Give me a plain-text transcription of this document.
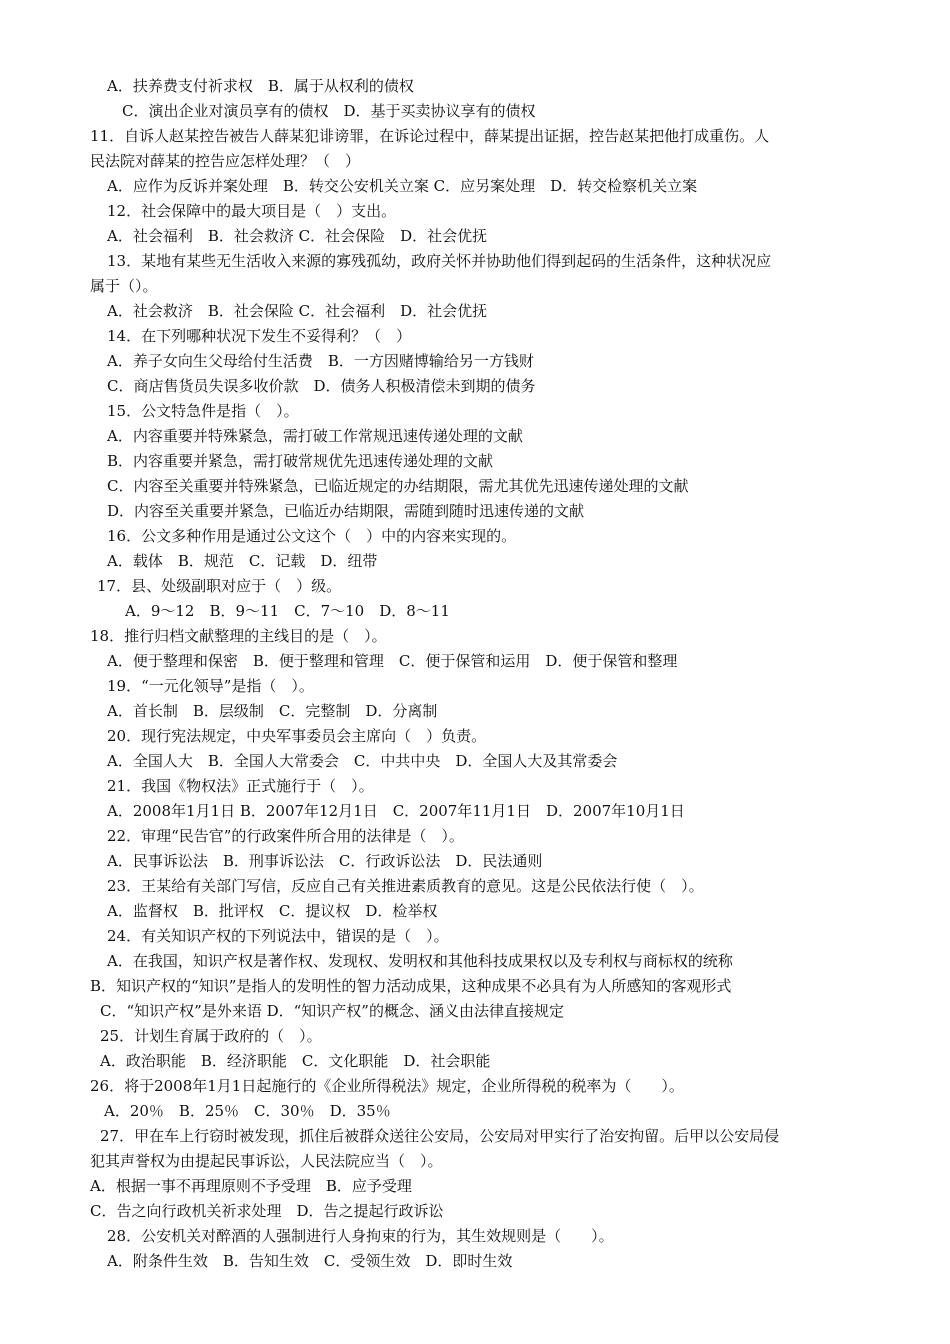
A．扶养费支付祈求权　B．属于从权利的债权
C．演出企业对演员享有的债权　D．基于买卖协议享有的债权
11．自诉人赵某控告被告人薛某犯诽谤罪，在诉论过程中，薛某提出证据，控告赵某把他打成重伤。人
民法院对薛某的控告应怎样处理？（　）
A．应作为反诉并案处理　B．转交公安机关立案 C．应另案处理　D．转交检察机关立案
12．社会保障中的最大项目是（　）支出。
A．社会福利　B．社会救济 C．社会保险　D．社会优抚
13．某地有某些无生活收入来源的寡残孤幼，政府关怀并协助他们得到起码的生活条件，这种状况应
属于（）。
A．社会救济　B．社会保险 C．社会福利　D．社会优抚
14．在下列哪种状况下发生不妥得利？（　）
A．养子女向生父母给付生活费　B．一方因赌博输给另一方钱财
C．商店售货员失误多收价款　D．债务人积极清偿未到期的债务
15．公文特急件是指（　）。
A．内容重要并特殊紧急，需打破工作常规迅速传递处理的文献
B．内容重要并紧急，需打破常规优先迅速传递处理的文献
C．内容至关重要并特殊紧急，已临近规定的办结期限，需尤其优先迅速传递处理的文献
D．内容至关重要并紧急，已临近办结期限，需随到随时迅速传递的文献
16．公文多种作用是通过公文这个（　）中的内容来实现的。
A．载体　B．规范　C．记载　D．纽带
17．县、处级副职对应于（　）级。
A．9～12　B．9～11　C．7～10　D．8～11
18．推行归档文献整理的主线目的是（　）。
A．便于整理和保密　B．便于整理和管理　C．便于保管和运用　D．便于保管和整理
19．“一元化领导”是指（　）。
A．首长制　B．层级制　C．完整制　D．分离制
20．现行宪法规定，中央军事委员会主席向（　）负责。
A．全国人大　B．全国人大常委会　C．中共中央　D．全国人大及其常委会
21．我国《物权法》正式施行于（　）。
A．2008年1月1日 B．2007年12月1日　C．2007年11月1日　D．2007年10月1日
22．审理“民告官”的行政案件所合用的法律是（　）。
A．民事诉讼法　B．刑事诉讼法　C．行政诉讼法　D．民法通则
23．王某给有关部门写信，反应自己有关推进素质教育的意见。这是公民依法行使（　）。
A．监督权　B．批评权　C．提议权　D．检举权
24．有关知识产权的下列说法中，错误的是（　）。
A．在我国，知识产权是著作权、发现权、发明权和其他科技成果权以及专利权与商标权的统称
B．知识产权的“知识”是指人的发明性的智力活动成果，这种成果不必具有为人所感知的客观形式
C．“知识产权”是外来语 D．“知识产权”的概念、涵义由法律直接规定
25．计划生育属于政府的（　）。
A．政治职能　B．经济职能　C．文化职能　D．社会职能
26．将于2008年1月1日起施行的《企业所得税法》规定，企业所得税的税率为（　　）。
A．20％　B．25％　C．30％　D．35％
27．甲在车上行窃时被发现，抓住后被群众送往公安局，公安局对甲实行了治安拘留。后甲以公安局侵
犯其声誉权为由提起民事诉讼，人民法院应当（　）。
A．根据一事不再理原则不予受理　B．应予受理
C．告之向行政机关祈求处理　D．告之提起行政诉讼
28．公安机关对醉酒的人强制进行人身拘束的行为，其生效规则是（　　）。
A．附条件生效　B．告知生效　C．受领生效　D．即时生效
